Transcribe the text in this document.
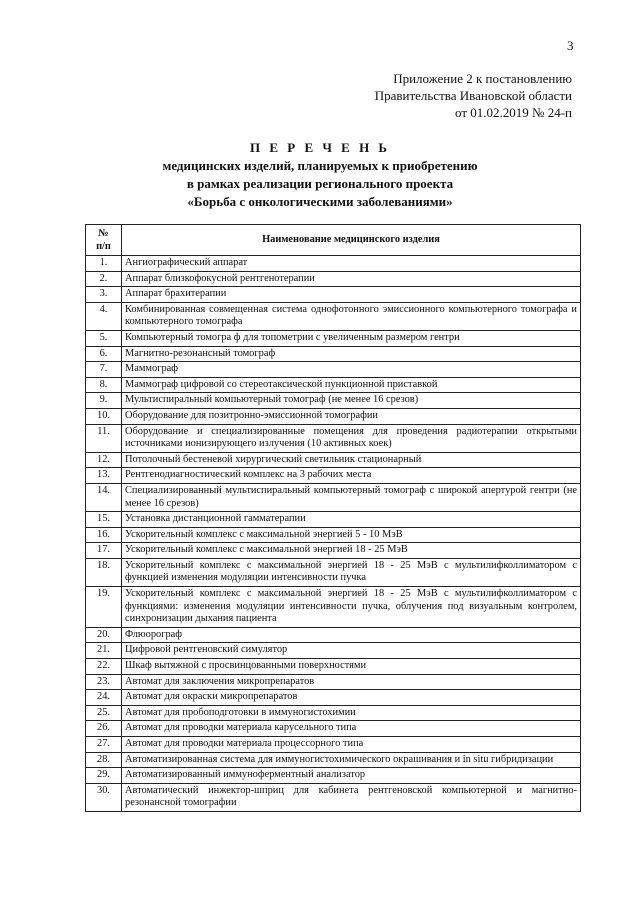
3
Приложение 2 к постановлению
Правительства Ивановской области
от 01.02.2019 № 24-п
П Е Р Е Ч Е Н Ь
медицинских изделий, планируемых к приобретению
в рамках реализации регионального проекта
«Борьба с онкологическими заболеваниями»
№
п/п	Наименование медицинского изделия
1.	Ангиографический аппарат
2.	Аппарат близкофокусной рентгенотерапии
3.	Аппарат брахитерапии
4.	Комбинированная совмещенная система однофотонного эмиссионного компьютерного томографа и компьютерного томографа
5.	Компьютерный томогра ф для топометрии с увеличенным размером гентри
6.	Магнитно-резонансный томограф
7.	Маммограф
8.	Маммограф цифровой со стереотаксической пункционной приставкой
9.	Мультиспиральный компьютерный томограф (не менее 16 срезов)
10.	Оборудование для позитронно-эмиссионной томографии
11.	Оборудование и специализированные помещения для проведения радиотерапии открытыми источниками ионизирующего излучения (10 активных коек)
12.	Потолочный бестеневой хирургический светильник стационарный
13.	Рентгенодиагностический комплекс на 3 рабочих места
14.	Специализированный мультиспиральный компьютерный томограф с широкой апертурой гентри (не менее 16 срезов)
15.	Установка дистанционной гамматерапии
16.	Ускорительный комплекс с максимальной энергией 5 - 10 МэВ
17.	Ускорительный комплекс с максимальной энергией 18 - 25 МэВ
18.	Ускорительный комплекс с максимальной энергией 18 - 25 МэВ с мультилифколлиматором с функцией изменения модуляции интенсивности пучка
19.	Ускорительный комплекс с максимальной энергией 18 - 25 МэВ с мультилифколлиматором с функциями: изменения модуляции интенсивности пучка, облучения под визуальным контролем, синхронизации дыхания пациента
20.	Флюорограф
21.	Цифровой рентгеновский симулятор
22.	Шкаф вытяжной с просвинцованными поверхностями
23.	Автомат для заключения микропрепаратов
24.	Автомат для окраски микропрепаратов
25.	Автомат для пробоподготовки в иммуногистохимии
26.	Автомат для проводки материала карусельного типа
27.	Автомат для проводки материала процессорного типа
28.	Автоматизированная система для иммуногистохимического окрашивания и in situ гибридизации
29.	Автоматизированный иммуноферментный анализатор
30.	Автоматический инжектор-шприц для кабинета рентгеновской компьютерной и магнитно-резонансной томографии
